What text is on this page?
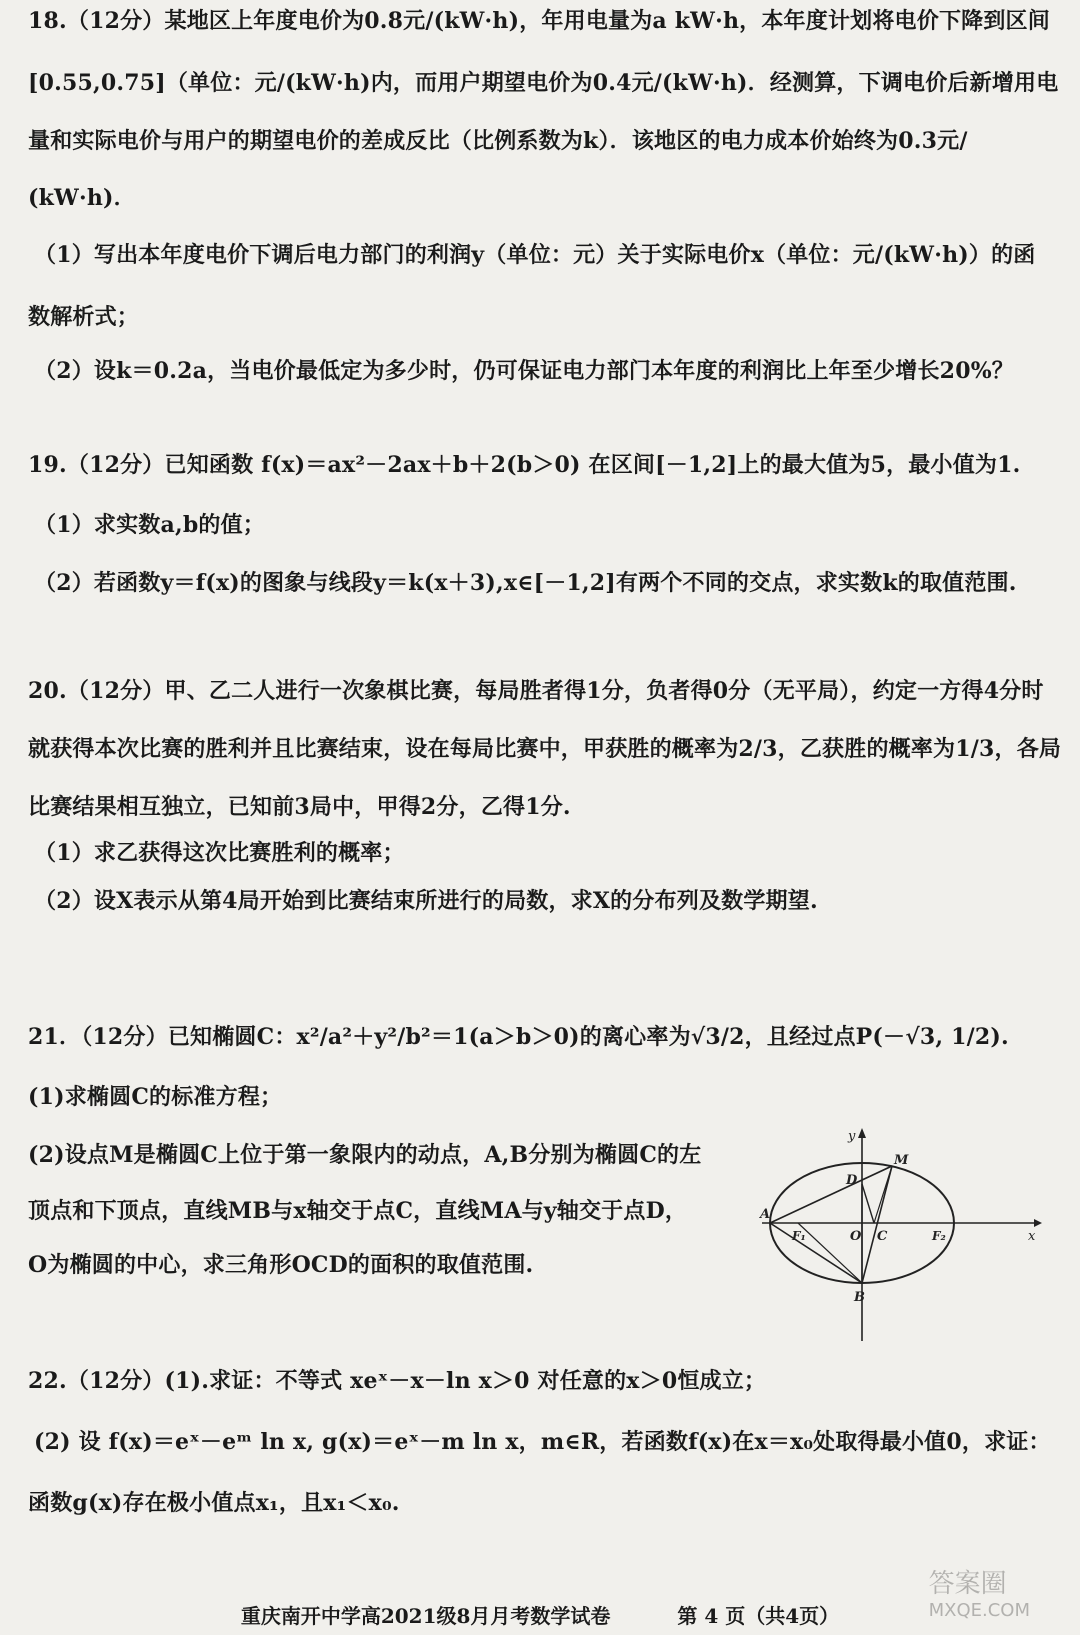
18.（12分）某地区上年度电价为0.8元/(kW·h)，年用电量为a kW·h，本年度计划将电价下降到区间
[0.55,0.75]（单位：元/(kW·h)内，而用户期望电价为0.4元/(kW·h)．经测算，下调电价后新增用电
量和实际电价与用户的期望电价的差成反比（比例系数为k）．该地区的电力成本价始终为0.3元/
(kW·h)．
（1）写出本年度电价下调后电力部门的利润y（单位：元）关于实际电价x（单位：元/(kW·h)）的函
数解析式；
（2）设k＝0.2a，当电价最低定为多少时，仍可保证电力部门本年度的利润比上年至少增长20%？
19.（12分）已知函数 f(x)＝ax²－2ax＋b＋2(b＞0) 在区间[－1,2]上的最大值为5，最小值为1.
（1）求实数a,b的值；
（2）若函数y＝f(x)的图象与线段y＝k(x＋3),x∈[－1,2]有两个不同的交点，求实数k的取值范围.
20.（12分）甲、乙二人进行一次象棋比赛，每局胜者得1分，负者得0分（无平局），约定一方得4分时
就获得本次比赛的胜利并且比赛结束，设在每局比赛中，甲获胜的概率为2/3，乙获胜的概率为1/3，各局
比赛结果相互独立，已知前3局中，甲得2分，乙得1分.
（1）求乙获得这次比赛胜利的概率；
（2）设X表示从第4局开始到比赛结束所进行的局数，求X的分布列及数学期望.
21．（12分）已知椭圆C：x²/a²＋y²/b²＝1(a＞b＞0)的离心率为√3/2，且经过点P(－√3, 1/2).
(1)求椭圆C的标准方程；
(2)设点M是椭圆C上位于第一象限内的动点，A,B分别为椭圆C的左
顶点和下顶点，直线MB与x轴交于点C，直线MA与y轴交于点D，
O为椭圆的中心，求三角形OCD的面积的取值范围.
y
x
M
D
A
F₁	O C	F₂
B
22.（12分）(1).求证：不等式 xeˣ－x－ln x＞0 对任意的x＞0恒成立；
(2) 设 f(x)＝eˣ－eᵐ ln x, g(x)＝eˣ－m ln x，m∈R，若函数f(x)在x＝x₀处取得最小值0，求证：
函数g(x)存在极小值点x₁，且x₁＜x₀.
重庆南开中学高2021级8月月考数学试卷	第 4 页（共4页）
答案圈
MXQE.COM
